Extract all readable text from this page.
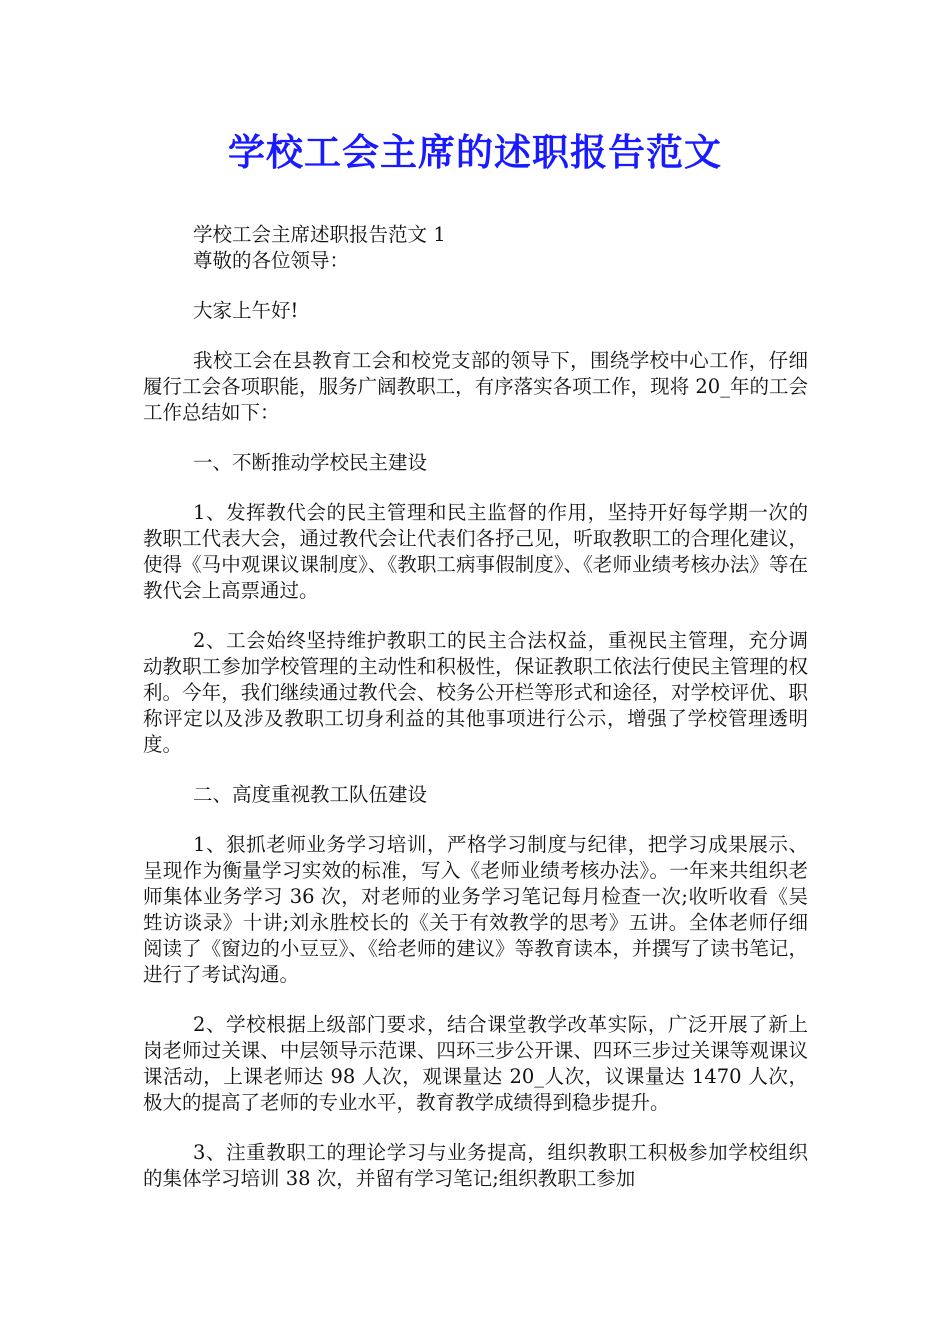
学校工会主席的述职报告范文
学校工会主席述职报告范文 1
尊敬的各位领导：

大家上午好!

我校工会在县教育工会和校党支部的领导下，围绕学校中心工作，仔细履行工会各项职能，服务广阔教职工，有序落实各项工作，现将 20_年的工会工作总结如下：

一、不断推动学校民主建设

1、发挥教代会的民主管理和民主监督的作用，坚持开好每学期一次的教职工代表大会，通过教代会让代表们各抒己见，听取教职工的合理化建议，使得《马中观课议课制度》、《教职工病事假制度》、《老师业绩考核办法》等在教代会上高票通过。

2、工会始终坚持维护教职工的民主合法权益，重视民主管理，充分调动教职工参加学校管理的主动性和积极性，保证教职工依法行使民主管理的权利。今年，我们继续通过教代会、校务公开栏等形式和途径，对学校评优、职称评定以及涉及教职工切身利益的其他事项进行公示，增强了学校管理透明度。

二、高度重视教工队伍建设

1、狠抓老师业务学习培训，严格学习制度与纪律，把学习成果展示、呈现作为衡量学习实效的标准，写入《老师业绩考核办法》。一年来共组织老师集体业务学习 36 次，对老师的业务学习笔记每月检查一次;收听收看《吴甡访谈录》十讲;刘永胜校长的《关于有效教学的思考》五讲。全体老师仔细阅读了《窗边的小豆豆》、《给老师的建议》等教育读本，并撰写了读书笔记，进行了考试沟通。

2、学校根据上级部门要求，结合课堂教学改革实际，广泛开展了新上岗老师过关课、中层领导示范课、四环三步公开课、四环三步过关课等观课议课活动，上课老师达 98 人次，观课量达 20_人次，议课量达 1470 人次，极大的提高了老师的专业水平，教育教学成绩得到稳步提升。

3、注重教职工的理论学习与业务提高，组织教职工积极参加学校组织的集体学习培训 38 次，并留有学习笔记;组织教职工参加
